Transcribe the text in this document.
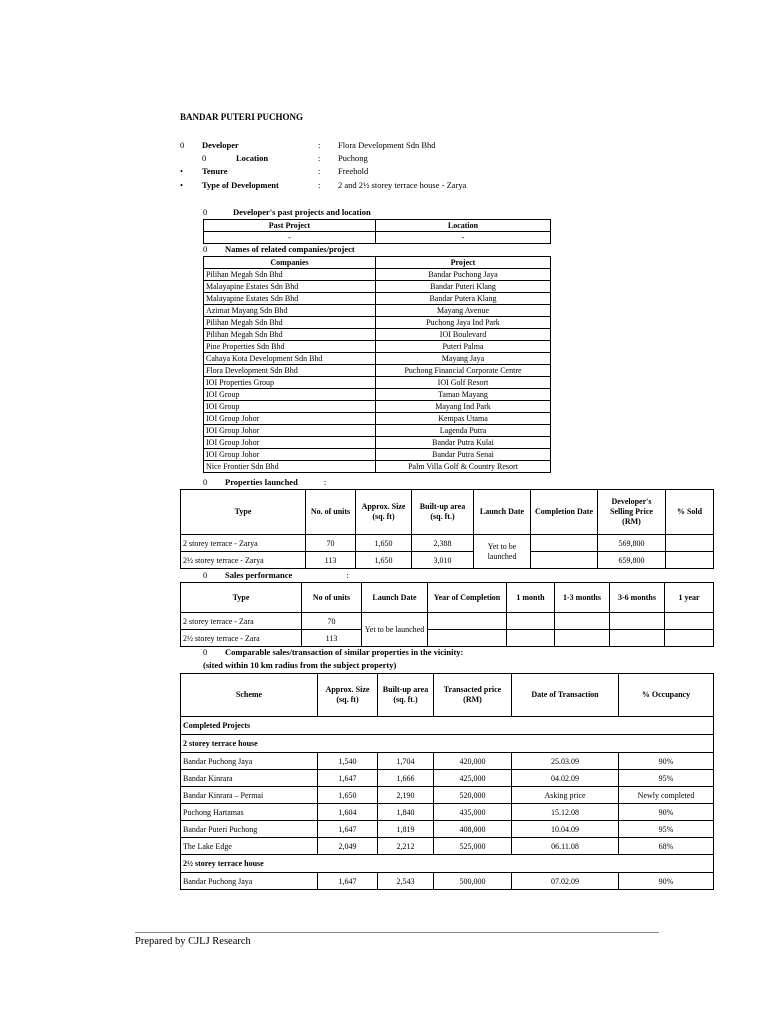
BANDAR PUTERI PUCHONG
0 Developer	: Flora Development Sdn Bhd
0	Location	: Puchong
• Tenure	: Freehold
• Type of Development	: 2 and 2½ storey terrace house - Zarya
0	Developer's past projects and location
Past Project	Location
-	-
0 Names of related companies/project
Companies	Project
Pilihan Megah Sdn Bhd	Bandar Puchong Jaya
Malayapine Estates Sdn Bhd	Bandar Puteri Klang
Malayapine Estates Sdn Bhd	Bandar Putera Klang
Azimat Mayang Sdn Bhd	Mayang Avenue
Pilihan Megah Sdn Bhd	Puchong Jaya Ind Park
Pilihan Megah Sdn Bhd	IOI Boulevard
Pine Properties Sdn Bhd	Puteri Palma
Cahaya Kota Development Sdn Bhd	Mayang Jaya
Flora Development Sdn Bhd	Puchong Financial Corporate Centre
IOI Properties Group	IOI Golf Resort
IOI Group	Taman Mayang
IOI Group	Mayang Ind Park
IOI Group Johor	Kempas Utama
IOI Group Johor	Lagenda Putra
IOI Group Johor	Bandar Putra Kulai
IOI Group Johor	Bandar Putra Senai
Nice Frontier Sdn Bhd	Palm Villa Golf & Country Resort
0 Properties launched	:
Type	No. of units	Approx. Size (sq. ft)	Built-up area (sq. ft.)	Launch Date	Completion Date	Developer's Selling Price (RM)	% Sold
2 storey terrace - Zarya	70	1,650	2,388	Yet to be launched		569,800	
2½ storey terrace - Zarya	113	1,650	3,010			659,800	
0 Sales performance	:
Type	No of units	Launch Date	Year of Completion	1 month	1-3 months	3-6 months	1 year
2 storey terrace - Zara	70	Yet to be launched					
2½ storey terrace - Zara	113						
0 Comparable sales/transaction of similar properties in the vicinity:
(sited within 10 km radius from the subject property)
Scheme	Approx. Size (sq. ft)	Built-up area (sq. ft.)	Transacted price (RM)	Date of Transaction	% Occupancy
Completed Projects					
2 storey terrace house					
Bandar Puchong Jaya	1,540	1,704	420,000	25.03.09	90%
Bandar Kinrara	1,647	1,666	425,000	04.02.09	95%
Bandar Kinrara – Permai	1,650	2,190	520,000	Asking price	Newly completed
Puchong Hartamas	1,604	1,840	435,000	15.12.08	90%
Bandar Puteri Puchong	1,647	1,819	408,000	10.04.09	95%
The Lake Edge	2,049	2,212	525,000	06.11.08	68%
2½ storey terrace house					
Bandar Puchong Jaya	1,647	2,543	500,000	07.02.09	90%
Prepared by CJLJ Research
